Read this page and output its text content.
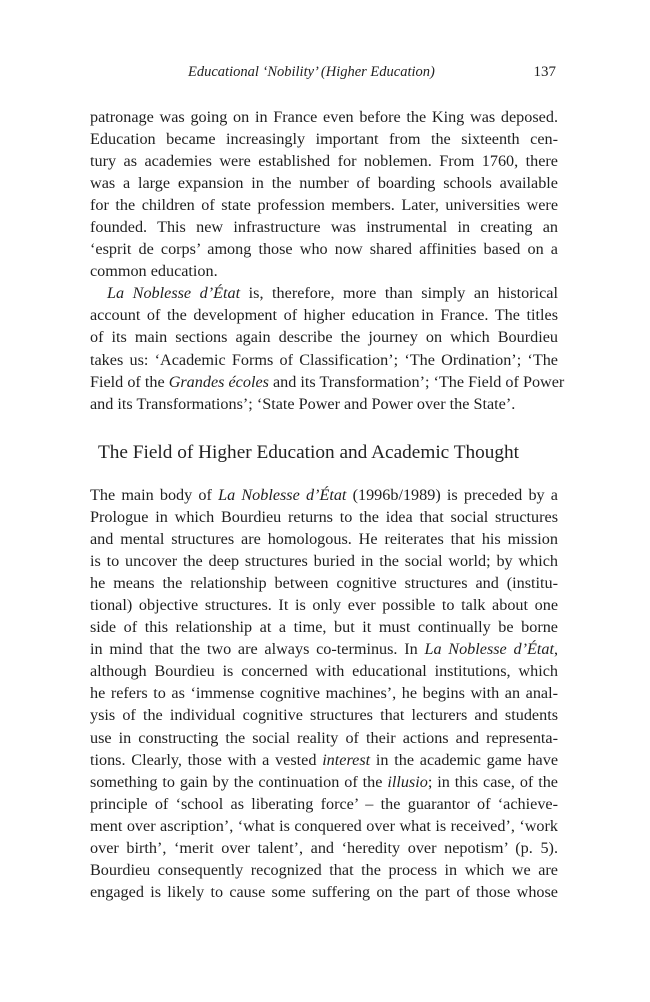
Educational ‘Nobility’ (Higher Education)	137
patronage was going on in France even before the King was deposed.
Education became increasingly important from the sixteenth cen-
tury as academies were established for noblemen. From 1760, there
was a large expansion in the number of boarding schools available
for the children of state profession members. Later, universities were
founded. This new infrastructure was instrumental in creating an
‘esprit de corps’ among those who now shared affinities based on a
common education.
La Noblesse d’État is, therefore, more than simply an historical
account of the development of higher education in France. The titles
of its main sections again describe the journey on which Bourdieu
takes us: ‘Academic Forms of Classification’; ‘The Ordination’; ‘The
Field of the Grandes écoles and its Transformation’; ‘The Field of Power
and its Transformations’; ‘State Power and Power over the State’.
The Field of Higher Education and Academic Thought
The main body of La Noblesse d’État (1996b/1989) is preceded by a
Prologue in which Bourdieu returns to the idea that social structures
and mental structures are homologous. He reiterates that his mission
is to uncover the deep structures buried in the social world; by which
he means the relationship between cognitive structures and (institu-
tional) objective structures. It is only ever possible to talk about one
side of this relationship at a time, but it must continually be borne
in mind that the two are always co-terminus. In La Noblesse d’État,
although Bourdieu is concerned with educational institutions, which
he refers to as ‘immense cognitive machines’, he begins with an anal-
ysis of the individual cognitive structures that lecturers and students
use in constructing the social reality of their actions and representa-
tions. Clearly, those with a vested interest in the academic game have
something to gain by the continuation of the illusio; in this case, of the
principle of ‘school as liberating force’ – the guarantor of ‘achieve-
ment over ascription’, ‘what is conquered over what is received’, ‘work
over birth’, ‘merit over talent’, and ‘heredity over nepotism’ (p. 5).
Bourdieu consequently recognized that the process in which we are
engaged is likely to cause some suffering on the part of those whose
